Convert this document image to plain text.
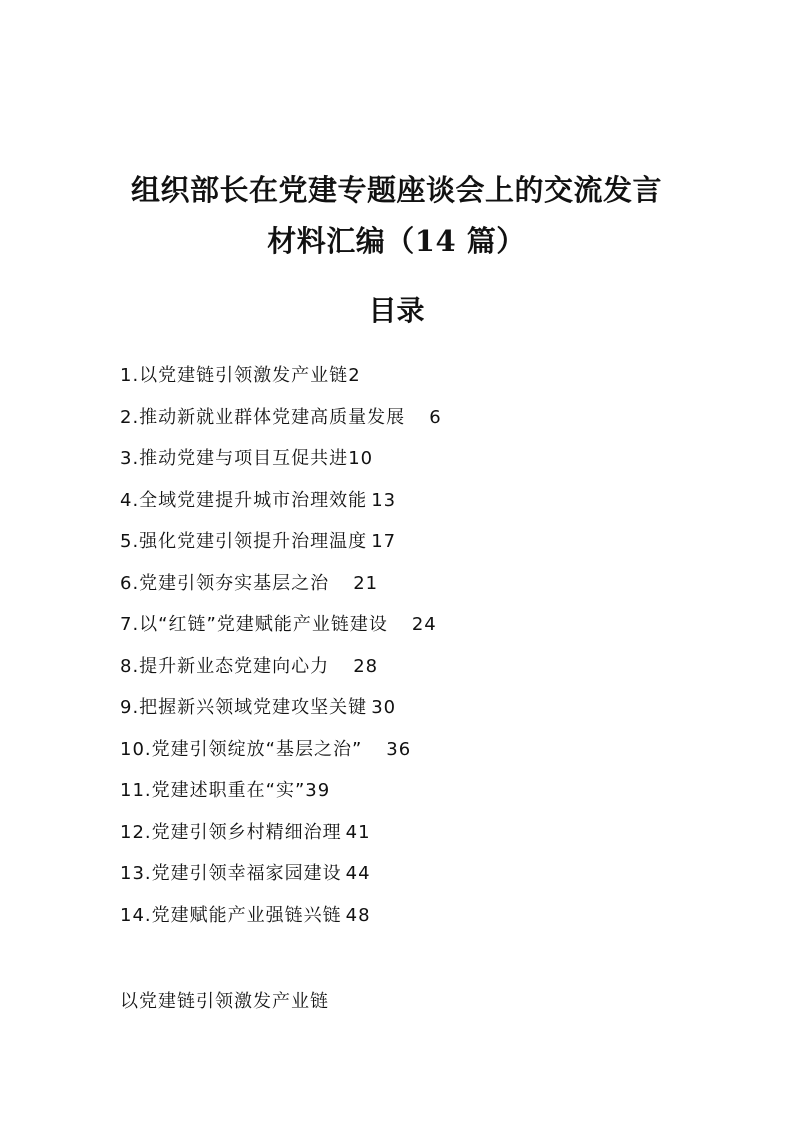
组织部长在党建专题座谈会上的交流发言
材料汇编（14 篇）
目录
1.以党建链引领激发产业链 2
2.推动新就业群体党建高质量发展 6
3.推动党建与项目互促共进 10
4.全域党建提升城市治理效能 13
5.强化党建引领提升治理温度 17
6.党建引领夯实基层之治 21
7.以“红链”党建赋能产业链建设 24
8.提升新业态党建向心力 28
9.把握新兴领域党建攻坚关键 30
10.党建引领绽放“基层之治” 36
11.党建述职重在“实” 39
12.党建引领乡村精细治理 41
13.党建引领幸福家园建设 44
14.党建赋能产业强链兴链 48

以党建链引领激发产业链
